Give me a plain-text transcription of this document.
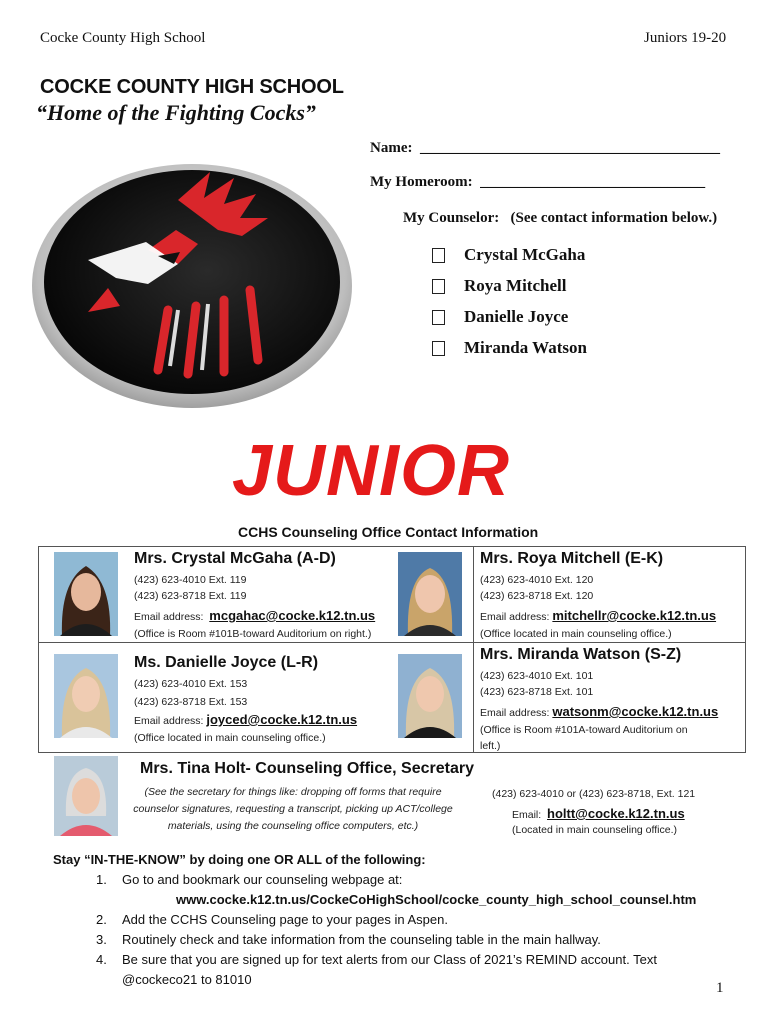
Cocke County High School	Juniors 19-20
COCKE COUNTY HIGH SCHOOL
“Home of the Fighting Cocks”
Name:  ________________________________________
My Homeroom:  ______________________________
My Counselor:   (See contact information below.)
Crystal McGaha
Roya Mitchell
Danielle Joyce
Miranda Watson
JUNIOR
CCHS Counseling Office Contact Information
Mrs. Crystal McGaha (A-D)
(423) 623-4010 Ext. 119
(423) 623-8718 Ext. 119
Email address: mcgahac@cocke.k12.tn.us
(Office is Room #101B-toward Auditorium on right.)
Mrs. Roya Mitchell (E-K)
(423) 623-4010 Ext. 120
(423) 623-8718 Ext. 120
Email address: mitchellr@cocke.k12.tn.us
(Office located in main counseling office.)
Ms. Danielle Joyce (L-R)
(423) 623-4010 Ext. 153
(423) 623-8718 Ext. 153
Email address: joyced@cocke.k12.tn.us
(Office located in main counseling office.)
Mrs. Miranda Watson (S-Z)
(423) 623-4010 Ext. 101
(423) 623-8718 Ext. 101
Email address: watsonm@cocke.k12.tn.us
(Office is Room #101A-toward Auditorium on
left.)
Mrs. Tina Holt- Counseling Office, Secretary
(See the secretary for things like: dropping off forms that require
counselor signatures, requesting a transcript, picking up ACT/college
materials, using the counseling office computers, etc.)
(423) 623-4010 or (423) 623-8718, Ext. 121
Email: holtt@cocke.k12.tn.us
(Located in main counseling office.)
Stay “IN-THE-KNOW” by doing one OR ALL of the following:
1. Go to and bookmark our counseling webpage at:
www.cocke.k12.tn.us/CockeCoHighSchool/cocke_county_high_school_counsel.htm
2. Add the CCHS Counseling page to your pages in Aspen.
3. Routinely check and take information from the counseling table in the main hallway.
4. Be sure that you are signed up for text alerts from our Class of 2021’s REMIND account. Text
@cockeco21 to 81010
1
